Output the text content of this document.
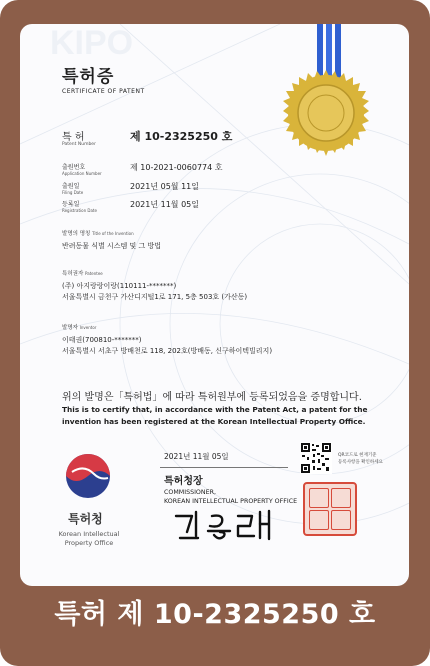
KIPO
특허증
CERTIFICATE OF PATENT
특 허
Patent Number
제 10-2325250 호
출원번호
Application Number
제 10-2021-0060774 호
출원일
Filing Date
2021년 05월 11일
등록일
Registration Date
2021년 11월 05일
발명의 명칭 Title of the Invention
반려동물 식별 시스템 및 그 방법
특허권자 Patentee
(주) 아지랑랑이랑(110111-*******)
서울특별시 금천구 가산디지털1로 171, 5층 503호 (가산동)
발명자 Inventor
이태권(700810-*******)
서울특별시 서초구 방배천로 118, 202호(방배동, 신구하이텍빌리지)
위의 발명은「특허법」에 따라 특허원부에 등록되었음을 증명합니다.
This is to certify that, in accordance with the Patent Act, a patent for the
invention has been registered at the Korean Intellectual Property Office.
2021년 11월 05일
특허청장
COMMISSIONER,
KOREAN INTELLECTUAL PROPERTY OFFICE
QR코드로 현재기준
등록사항을 확인하세요
특허청
Korean Intellectual
Property Office
특허 제 10-2325250 호
